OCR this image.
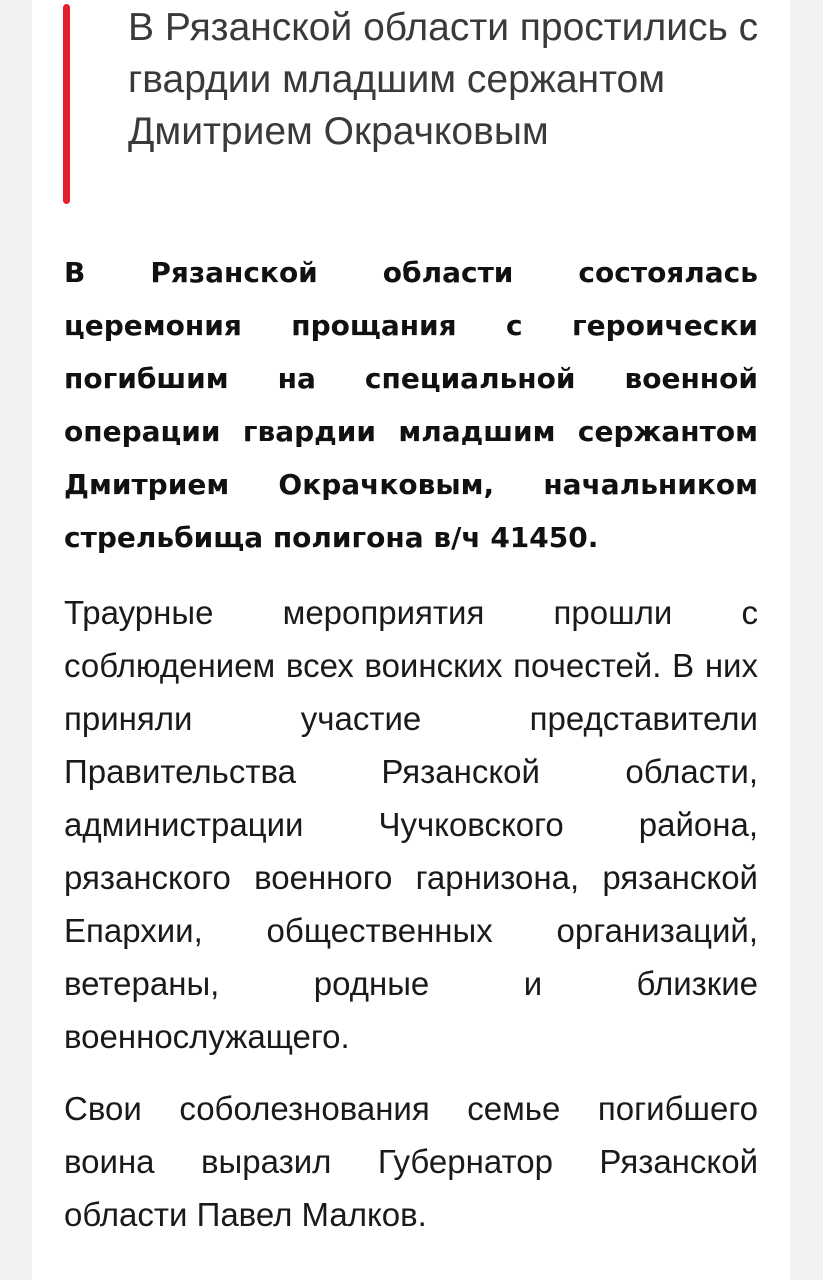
В Рязанской области простились с гвардии младшим сержантом Дмитрием Окрачковым

В Рязанской области состоялась церемония прощания с героически погибшим на специальной военной операции гвардии младшим сержантом Дмитрием Окрачковым, начальником стрельбища полигона в/ч 41450.

Траурные мероприятия прошли с соблюдением всех воинских почестей. В них приняли участие представители Правительства Рязанской области, администрации Чучковского района, рязанского военного гарнизона, рязанской Епархии, общественных организаций, ветераны, родные и близкие военнослужащего.

Свои соболезнования семье погибшего воина выразил Губернатор Рязанской области Павел Малков.
